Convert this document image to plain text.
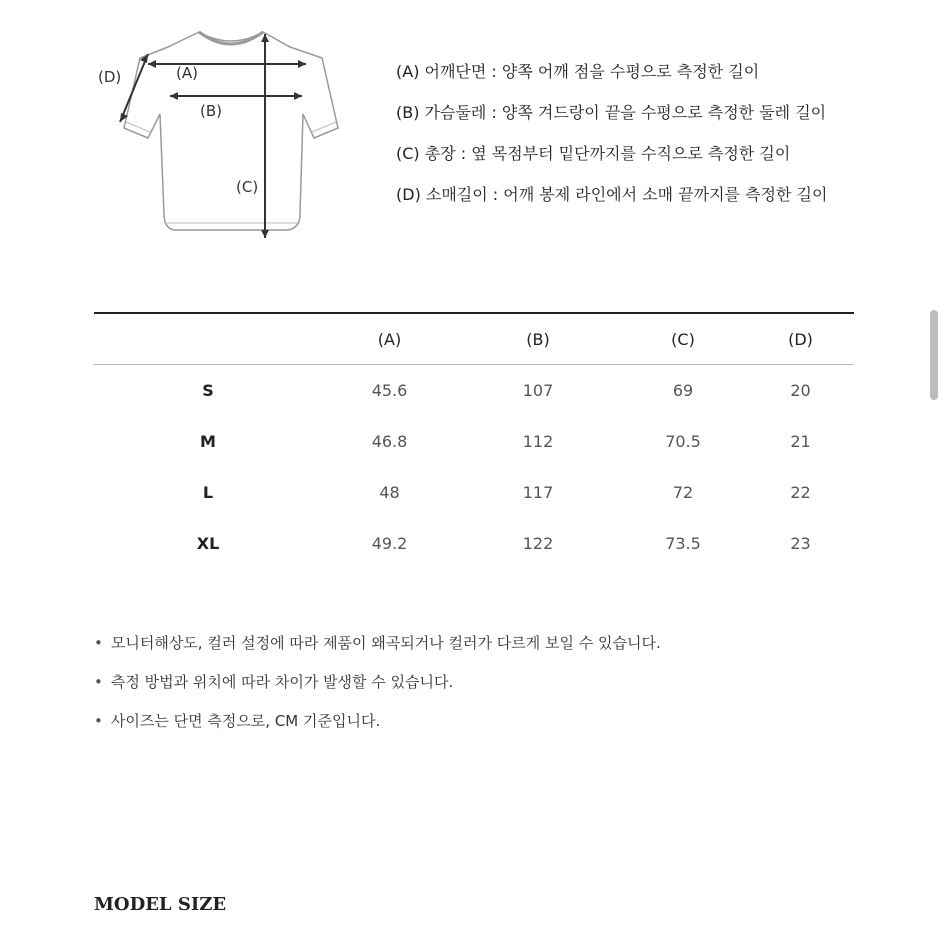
(A)
(B)
(C)
(D)	(A) 어깨단면 : 양쪽 어깨 점을 수평으로 측정한 길이
(B) 가슴둘레 : 양쪽 겨드랑이 끝을 수평으로 측정한 둘레 길이
(C) 총장 : 옆 목점부터 밑단까지를 수직으로 측정한 길이
(D) 소매길이 : 어깨 봉제 라인에서 소매 끝까지를 측정한 길이
	(A)	(B)	(C)	(D)
S	45.6	107	69	20
M	46.8	112	70.5	21
L	48	117	72	22
XL	49.2	122	73.5	23
• 모니터해상도, 컬러 설정에 따라 제품이 왜곡되거나 컬러가 다르게 보일 수 있습니다.
• 측정 방법과 위치에 따라 차이가 발생할 수 있습니다.
• 사이즈는 단면 측정으로, CM 기준입니다.
MODEL SIZE
